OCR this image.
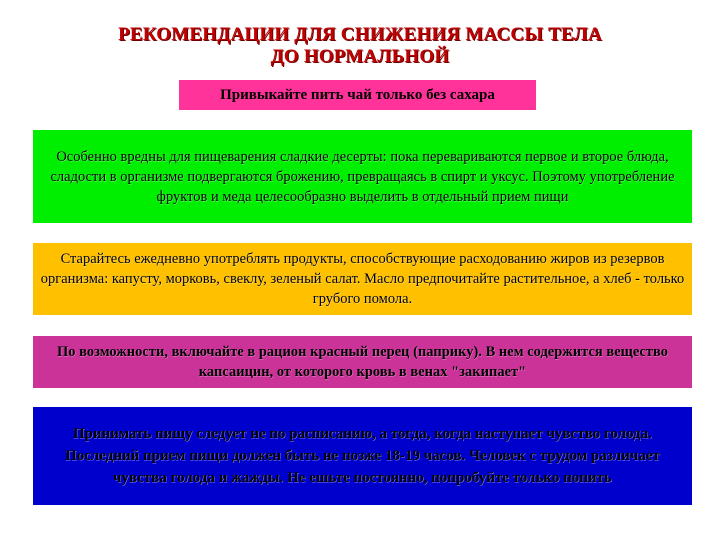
РЕКОМЕНДАЦИИ ДЛЯ СНИЖЕНИЯ МАССЫ ТЕЛА
ДО НОРМАЛЬНОЙ
Привыкайте пить чай только без сахара
Особенно вредны для пищеварения сладкие десерты: пока перевариваются первое и второе блюда, сладости в организме подвергаются брожению, превращаясь в спирт и уксус. Поэтому употребление фруктов и меда целесообразно выделить в отдельный прием пищи
Старайтесь ежедневно употреблять продукты, способствующие расходованию жиров из резервов организма: капусту, морковь, свеклу, зеленый салат. Масло предпочитайте растительное, а хлеб - только грубого помола.
По возможности, включайте в рацион красный перец (паприку). В нем содержится вещество капсаицин, от которого кровь в венах "закипает"
Принимать пищу следует не по расписанию, а тогда, когда наступает чувство голода. Последний прием пищи должен быть не позже 18-19 часов. Человек с трудом различает чувства голода и жажды. Не ешьте постоянно, попробуйте только попить
